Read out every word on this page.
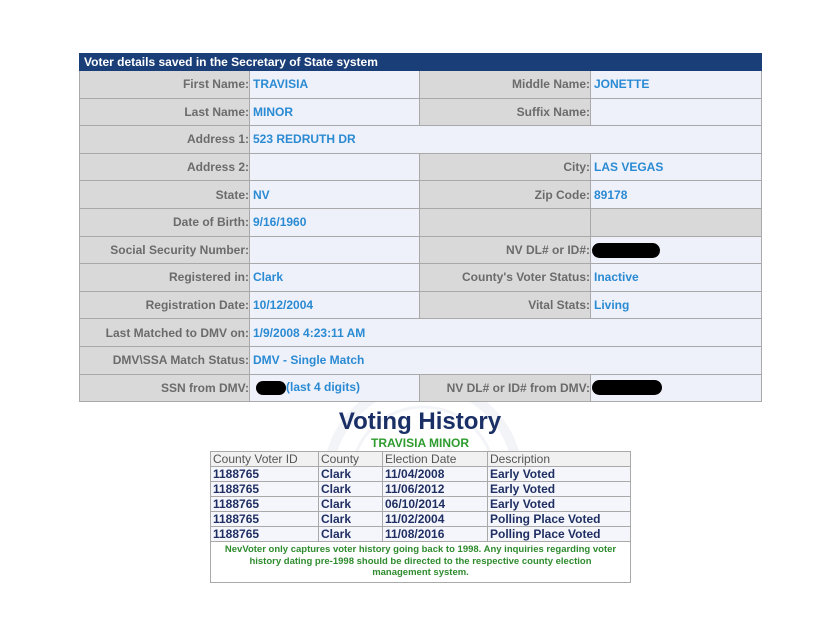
Voter details saved in the Secretary of State system			
First Name:	TRAVISIA	Middle Name:	JONETTE
Last Name:	MINOR	Suffix Name:	
Address 1:	523 REDRUTH DR		
Address 2:		City:	LAS VEGAS
State:	NV	Zip Code:	89178
Date of Birth:	9/16/1960		
Social Security Number:		NV DL# or ID#:	
Registered in:	Clark	County's Voter Status:	Inactive
Registration Date:	10/12/2004	Vital Stats:	Living
Last Matched to DMV on:	1/9/2008 4:23:11 AM		
DMV\SSA Match Status:	DMV - Single Match		
SSN from DMV:	(last 4 digits)	NV DL# or ID# from DMV:	
Voting History
TRAVISIA MINOR
County Voter ID	County	Election Date	Description
1188765	Clark	11/04/2008	Early Voted
1188765	Clark	11/06/2012	Early Voted
1188765	Clark	06/10/2014	Early Voted
1188765	Clark	11/02/2004	Polling Place Voted
1188765	Clark	11/08/2016	Polling Place Voted
NevVoter only captures voter history going back to 1998. Any inquiries regarding voter history dating pre-1998 should be directed to the respective county election management system.			
